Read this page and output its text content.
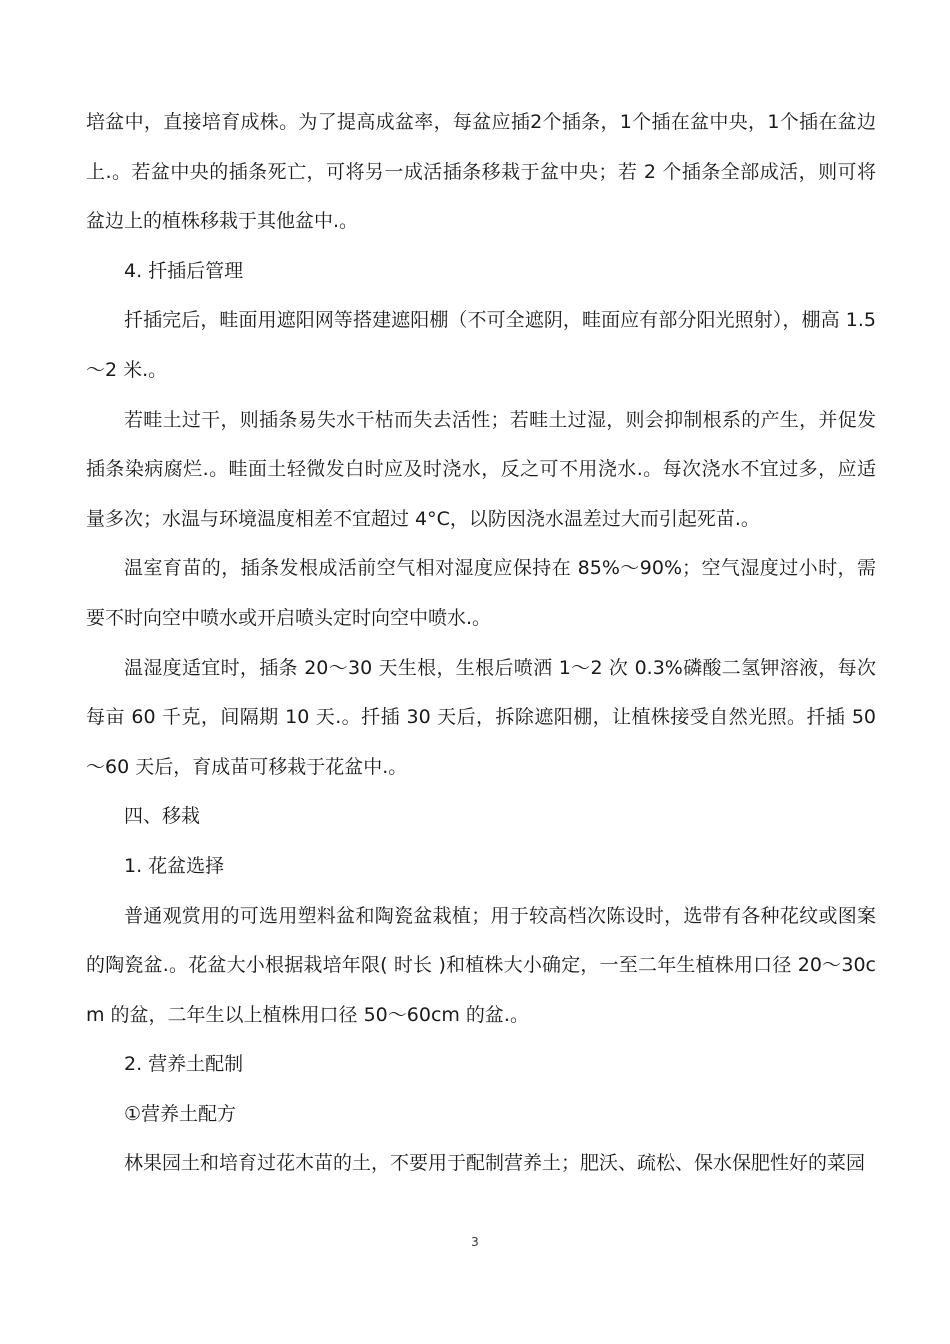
培盆中，直接培育成株。为了提高成盆率，每盆应插2个插条，1个插在盆中央，1个插在盆边上.。若盆中央的插条死亡，可将另一成活插条移栽于盆中央；若 2 个插条全部成活，则可将盆边上的植株移栽于其他盆中.。

4. 扦插后管理

扦插完后，畦面用遮阳网等搭建遮阳棚（不可全遮阴，畦面应有部分阳光照射），棚高 1.5～2 米.。

若畦土过干，则插条易失水干枯而失去活性；若畦土过湿，则会抑制根系的产生，并促发插条染病腐烂.。畦面土轻微发白时应及时浇水，反之可不用浇水.。每次浇水不宜过多，应适量多次；水温与环境温度相差不宜超过 4°C，以防因浇水温差过大而引起死苗.。

温室育苗的，插条发根成活前空气相对湿度应保持在 85%～90%；空气湿度过小时，需要不时向空中喷水或开启喷头定时向空中喷水.。

温湿度适宜时，插条 20～30 天生根，生根后喷洒 1～2 次 0.3%磷酸二氢钾溶液，每次每亩 60 千克，间隔期 10 天.。扦插 30 天后，拆除遮阳棚，让植株接受自然光照。扦插 50～60 天后，育成苗可移栽于花盆中.。

四、移栽

1. 花盆选择

普通观赏用的可选用塑料盆和陶瓷盆栽植；用于较高档次陈设时，选带有各种花纹或图案的陶瓷盆.。花盆大小根据栽培年限( 时长 )和植株大小确定，一至二年生植株用口径 20～30cm 的盆，二年生以上植株用口径 50～60cm 的盆.。

2. 营养土配制

①营养土配方

林果园土和培育过花木苗的土，不要用于配制营养土；肥沃、疏松、保水保肥性好的菜园

3
